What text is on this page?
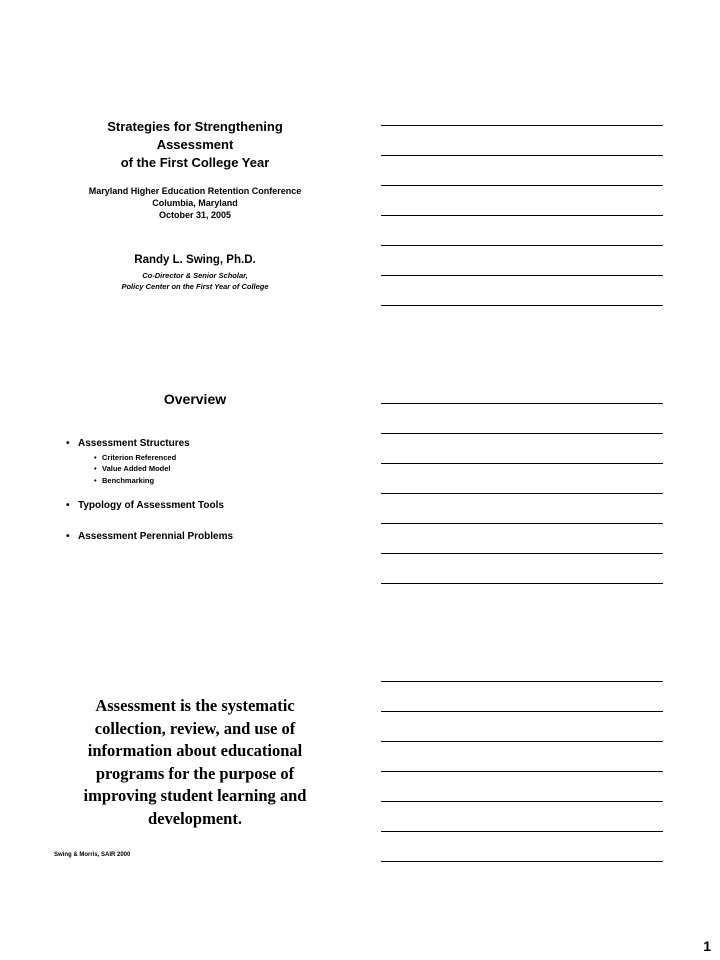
Strategies for Strengthening
Assessment
of the First College Year
Maryland Higher Education Retention Conference
Columbia, Maryland
October 31, 2005
Randy L. Swing, Ph.D.
Co-Director & Senior Scholar,
Policy Center on the First Year of College
Overview
• Assessment Structures
• Criterion Referenced
• Value Added Model
• Benchmarking
• Typology of Assessment Tools
• Assessment Perennial Problems
Assessment is the systematic
collection, review, and use of
information about educational
programs for the purpose of
improving student learning and
development.
Swing & Morris, SAIR 2000
1
